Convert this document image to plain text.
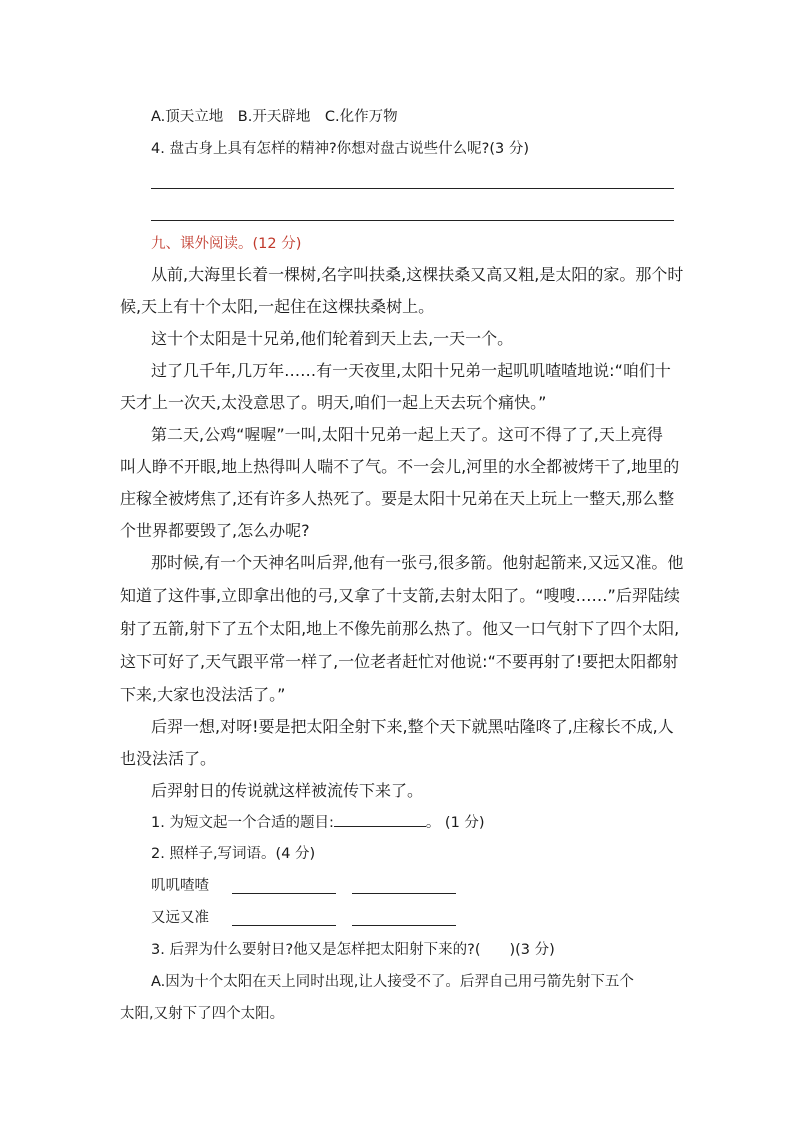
A.顶天立地　B.开天辟地　C.化作万物
4. 盘古身上具有怎样的精神?你想对盘古说些什么呢?(3 分)
九、课外阅读。(12 分)
从前,大海里长着一棵树,名字叫扶桑,这棵扶桑又高又粗,是太阳的家。那个时
候,天上有十个太阳,一起住在这棵扶桑树上。
这十个太阳是十兄弟,他们轮着到天上去,一天一个。
过了几千年,几万年……有一天夜里,太阳十兄弟一起叽叽喳喳地说:“咱们十
天才上一次天,太没意思了。明天,咱们一起上天去玩个痛快。”
第二天,公鸡“喔喔”一叫,太阳十兄弟一起上天了。这可不得了了,天上亮得
叫人睁不开眼,地上热得叫人喘不了气。不一会儿,河里的水全都被烤干了,地里的
庄稼全被烤焦了,还有许多人热死了。要是太阳十兄弟在天上玩上一整天,那么整
个世界都要毁了,怎么办呢?
那时候,有一个天神名叫后羿,他有一张弓,很多箭。他射起箭来,又远又准。他
知道了这件事,立即拿出他的弓,又拿了十支箭,去射太阳了。“嗖嗖……”后羿陆续
射了五箭,射下了五个太阳,地上不像先前那么热了。他又一口气射下了四个太阳,
这下可好了,天气跟平常一样了,一位老者赶忙对他说:“不要再射了!要把太阳都射
下来,大家也没法活了。”
后羿一想,对呀!要是把太阳全射下来,整个天下就黑咕隆咚了,庄稼长不成,人
也没法活了。
后羿射日的传说就这样被流传下来了。
1. 为短文起一个合适的题目:	。 (1 分)
2. 照样子,写词语。(4 分)
叽叽喳喳
又远又准
3. 后羿为什么要射日?他又是怎样把太阳射下来的?(　　)(3 分)
A.因为十个太阳在天上同时出现,让人接受不了。后羿自己用弓箭先射下五个
太阳,又射下了四个太阳。
